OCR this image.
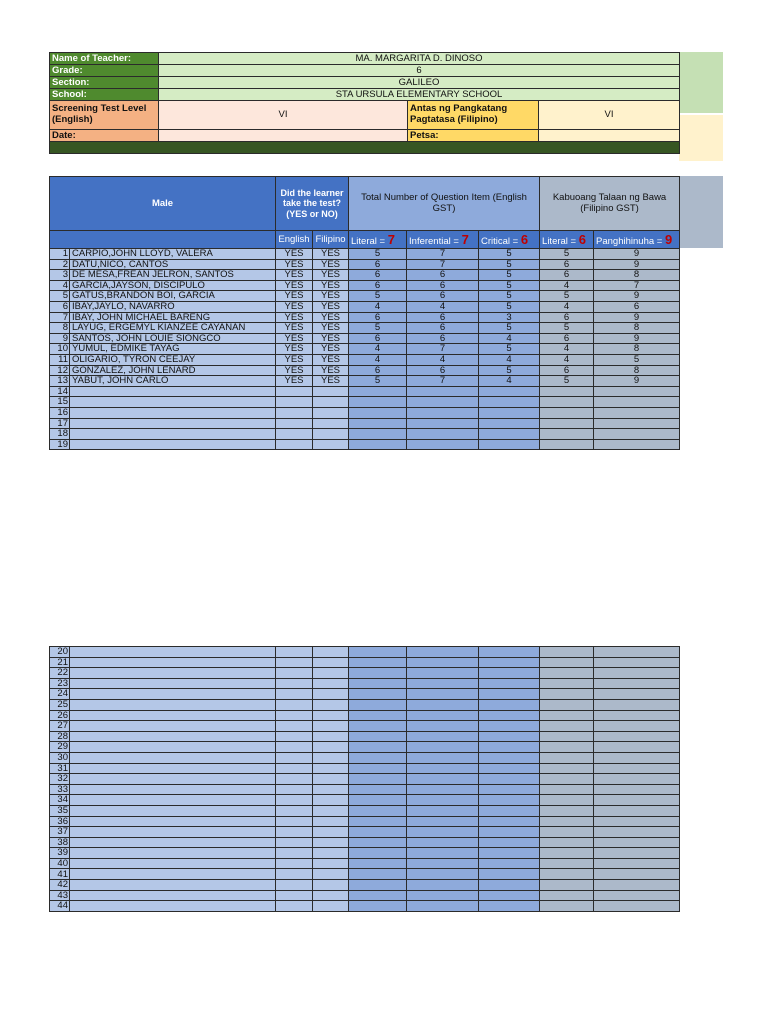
Name of Teacher:	MA. MARGARITA D. DINOSO		
Grade:	6		
Section:	GALILEO		
School:	STA URSULA ELEMENTARY SCHOOL		
Screening Test Level (English)	VI	Antas ng Pangkatang Pagtatasa (Filipino)	VI
Date:		Petsa:	

Male		Did the learner take the test? (YES or NO)		Total Number of Question Item (English GST)			Kabuoang Talaan ng Bawa (Filipino GST)	
		English	Filipino	Literal = 7	Inferential = 7	Critical = 6	Literal = 6	Panghihinuha = 9
1	CARPIO,JOHN LLOYD, VALERA	YES	YES	5	7	5	5	9
2	DATU,NICO, CANTOS	YES	YES	6	7	5	6	9
3	DE MESA,FREAN JELRON, SANTOS	YES	YES	6	6	5	6	8
4	GARCIA,JAYSON, DISCIPULO	YES	YES	6	6	5	4	7
5	GATUS,BRANDON BOI, GARCIA	YES	YES	5	6	5	5	9
6	IBAY,JAYLO, NAVARRO	YES	YES	4	4	5	4	6
7	IBAY, JOHN MICHAEL BARENG	YES	YES	6	6	3	6	9
8	LAYUG, ERGEMYL KIANZEE CAYANAN	YES	YES	5	6	5	5	8
9	SANTOS, JOHN LOUIE SIONGCO	YES	YES	6	6	4	6	9
10	YUMUL, EDMIKE TAYAG	YES	YES	4	7	5	4	8
11	OLIGARIO, TYRON CEEJAY	YES	YES	4	4	4	4	5
12	GONZALEZ, JOHN LENARD	YES	YES	6	6	5	6	8
13	YABUT, JOHN CARLO	YES	YES	5	7	4	5	9
14								
15								
16								
17								
18								
19								
20								
21								
22								
23								
24								
25								
26								
27								
28								
29								
30								
31								
32								
33								
34								
35								
36								
37								
38								
39								
40								
41								
42								
43								
44								
